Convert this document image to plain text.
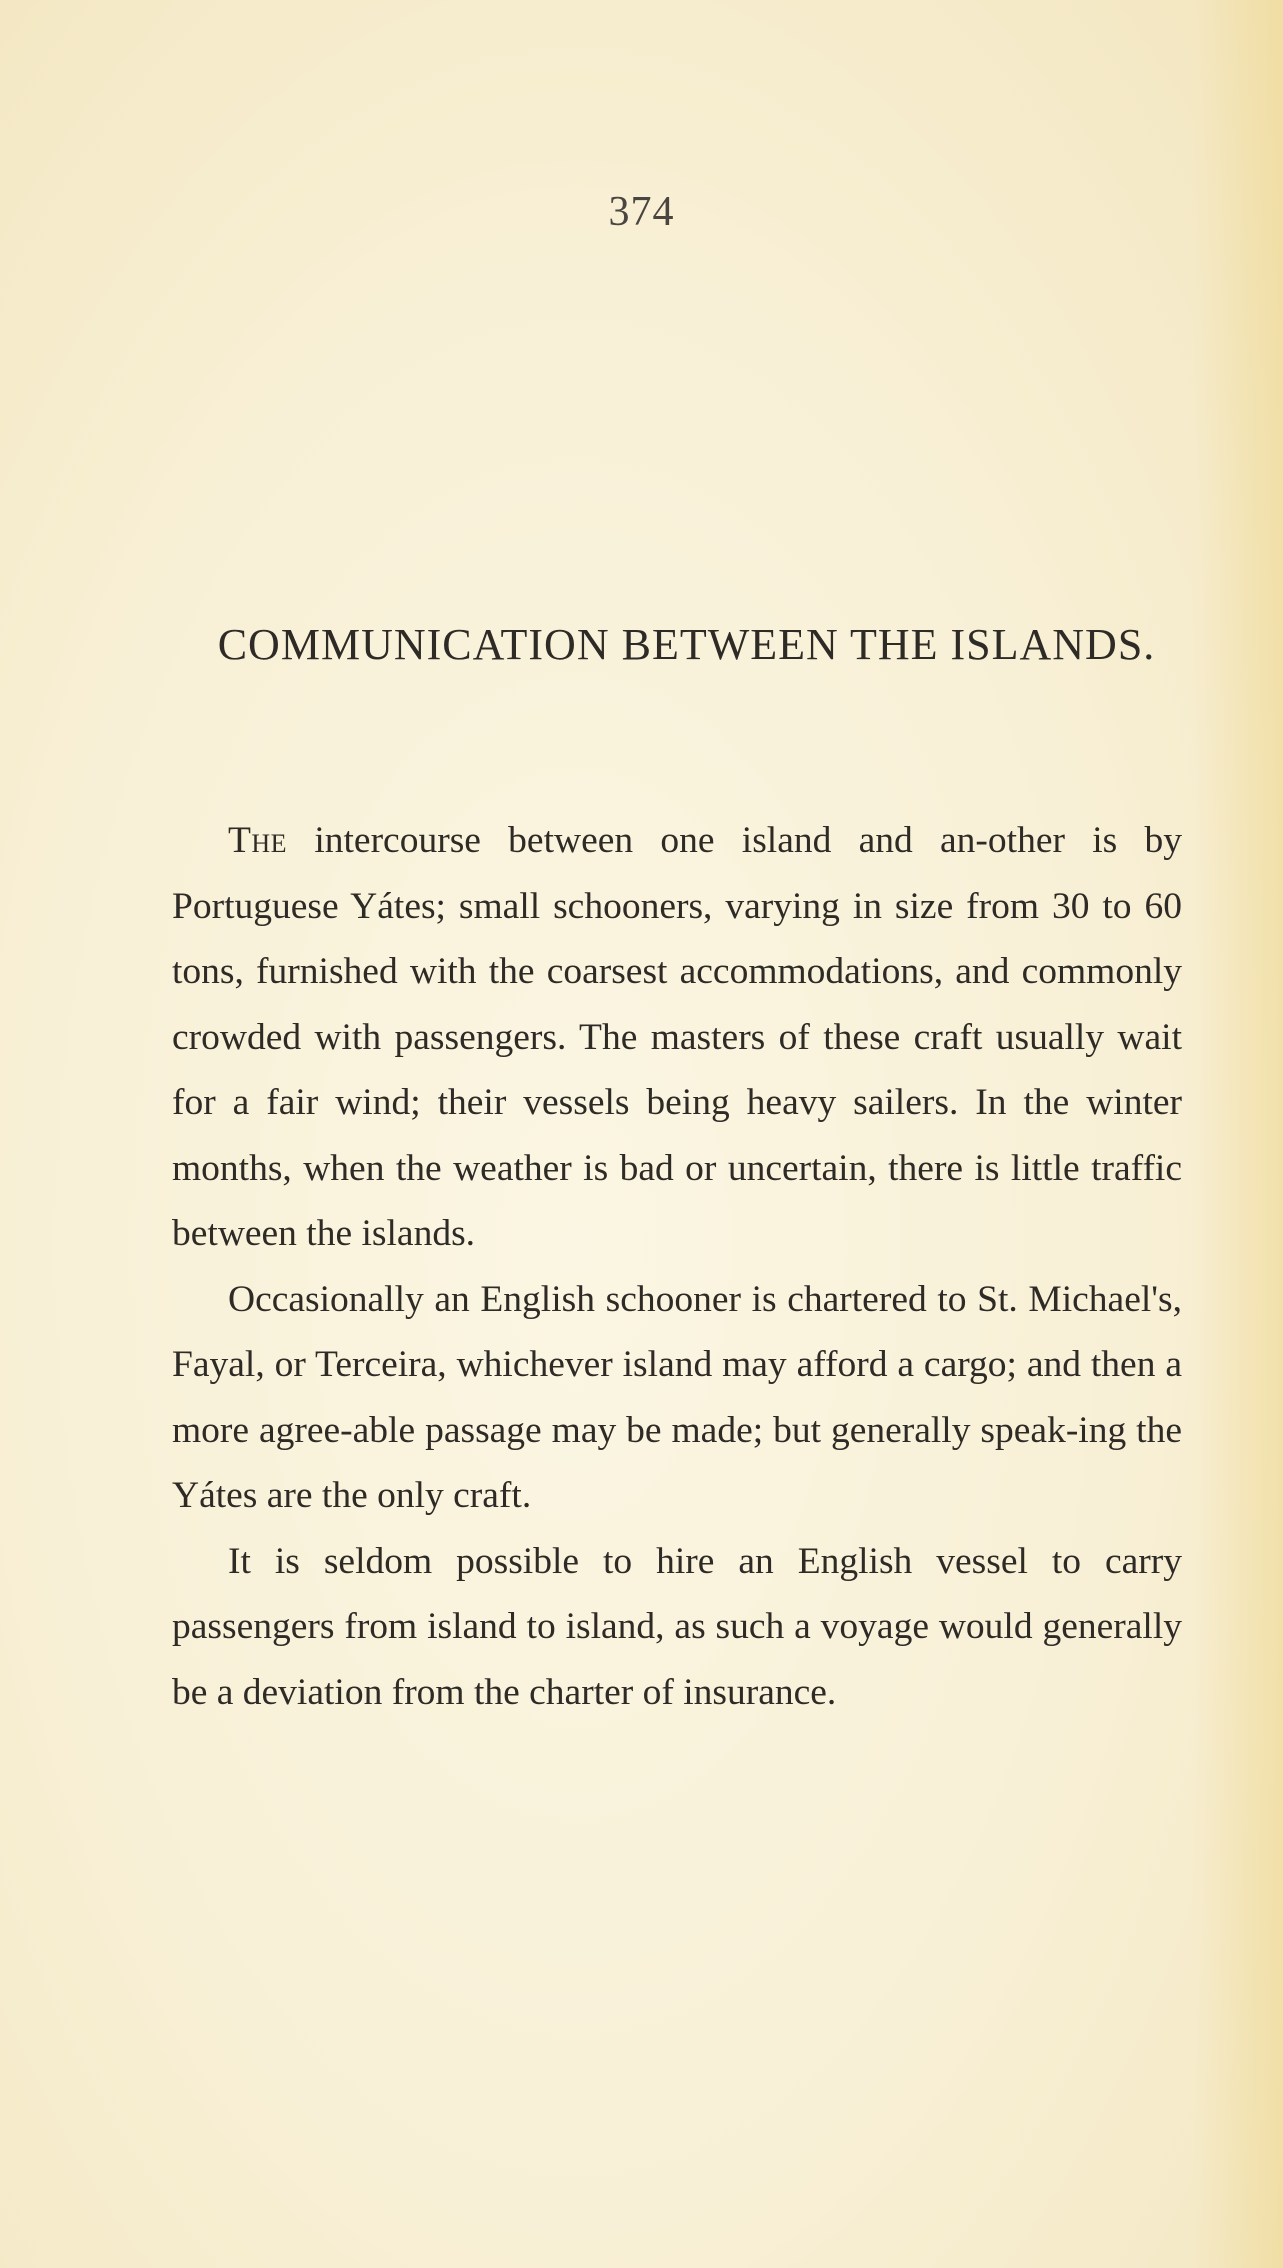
374
COMMUNICATION BETWEEN THE ISLANDS.

The intercourse between one island and an-other is by Portuguese Yátes; small schooners, varying in size from 30 to 60 tons, furnished with the coarsest accommodations, and commonly crowded with passengers. The masters of these craft usually wait for a fair wind; their vessels being heavy sailers. In the winter months, when the weather is bad or uncertain, there is little traffic between the islands.

Occasionally an English schooner is chartered to St. Michael's, Fayal, or Terceira, whichever island may afford a cargo; and then a more agree-able passage may be made; but generally speak-ing the Yátes are the only craft.

It is seldom possible to hire an English vessel to carry passengers from island to island, as such a voyage would generally be a deviation from the charter of insurance.
